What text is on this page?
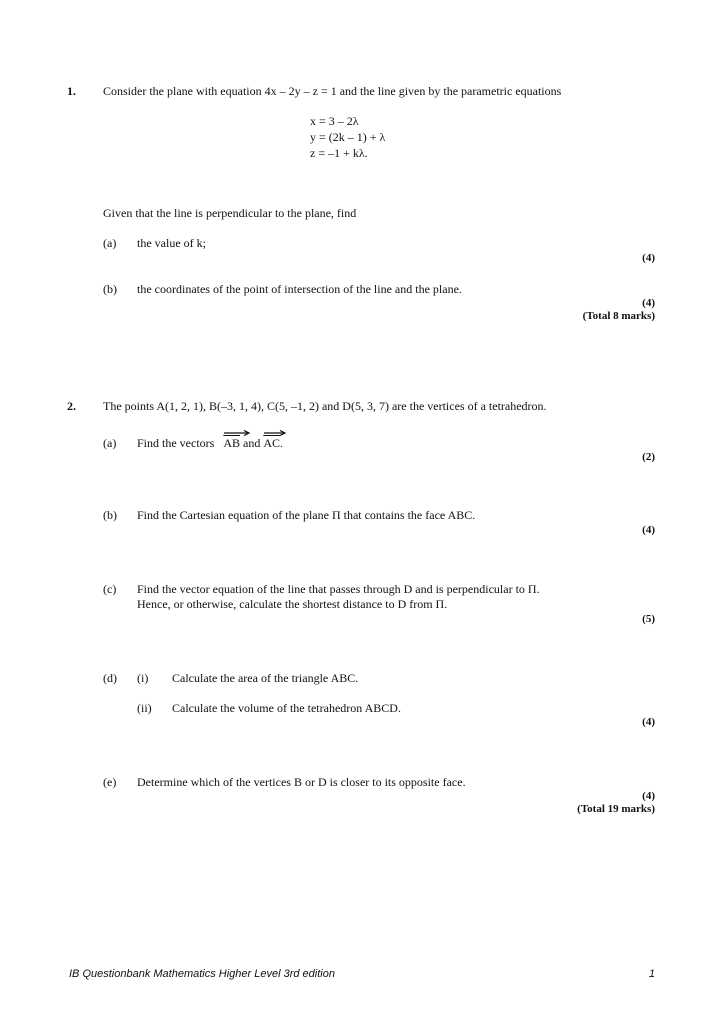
1. Consider the plane with equation 4x – 2y – z = 1 and the line given by the parametric equations
x = 3 – 2λ
y = (2k – 1) + λ
z = –1 + kλ.
Given that the line is perpendicular to the plane, find
(a) the value of k;
(4)
(b) the coordinates of the point of intersection of the line and the plane.
(4)
(Total 8 marks)
2. The points A(1, 2, 1), B(–3, 1, 4), C(5, –1, 2) and D(5, 3, 7) are the vertices of a tetrahedron.
(a) Find the vectors AB and AC.
(2)
(b) Find the Cartesian equation of the plane Π that contains the face ABC.
(4)
(c) Find the vector equation of the line that passes through D and is perpendicular to Π.
Hence, or otherwise, calculate the shortest distance to D from Π.
(5)
(d) (i) Calculate the area of the triangle ABC.
(ii) Calculate the volume of the tetrahedron ABCD.
(4)
(e) Determine which of the vertices B or D is closer to its opposite face.
(4)
(Total 19 marks)
IB Questionbank Mathematics Higher Level 3rd edition	1
